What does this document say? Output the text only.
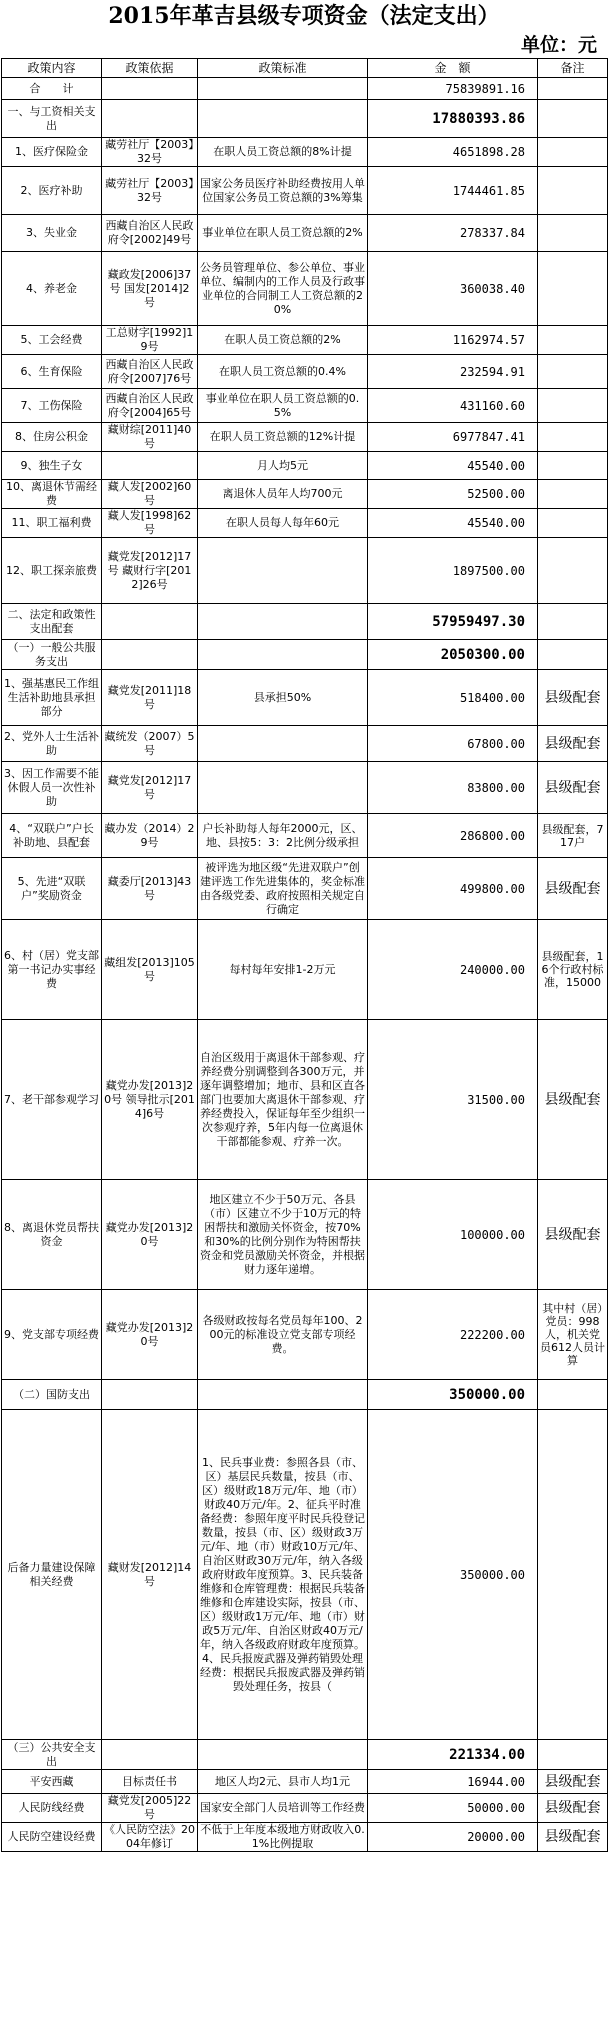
2015年革吉县级专项资金（法定支出）
单位：元
政策内容	政策依据	政策标准	金　额	备注
合　　计			75839891.16	
一、与工资相关支出			17880393.86	
1、医疗保险金	藏劳社厅【2003】32号	在职人员工资总额的8%计提	4651898.28	
2、医疗补助	藏劳社厅【2003】32号	国家公务员医疗补助经费按用人单位国家公务员工资总额的3%筹集	1744461.85	
3、失业金	西藏自治区人民政府令[2002]49号	事业单位在职人员工资总额的2%	278337.84	
4、养老金	藏政发[2006]37号 国发[2014]2号	公务员管理单位、参公单位、事业单位、编制内的工作人员及行政事业单位的合同制工人工资总额的20%	360038.40	
5、工会经费	工总财字[1992]19号	在职人员工资总额的2%	1162974.57	
6、生育保险	西藏自治区人民政府令[2007]76号	在职人员工资总额的0.4%	232594.91	
7、工伤保险	西藏自治区人民政府令[2004]65号	事业单位在职人员工资总额的0.5%	431160.60	
8、住房公积金	藏财综[2011]40号	在职人员工资总额的12%计提	6977847.41	
9、独生子女		月人均5元	45540.00	
10、离退休节需经费	藏人发[2002]60号	离退休人员年人均700元	52500.00	
11、职工福利费	藏人发[1998]62号	在职人员每人每年60元	45540.00	
12、职工探亲旅费	藏党发[2012]17号 藏财行字[2012]26号		1897500.00	
二、法定和政策性支出配套			57959497.30	
（一）一般公共服务支出			2050300.00	
1、强基惠民工作组生活补助地县承担部分	藏党发[2011]18号	县承担50%	518400.00	县级配套
2、党外人士生活补助	藏统发（2007）5号		67800.00	县级配套
3、因工作需要不能休假人员一次性补助	藏党发[2012]17号		83800.00	县级配套
4、“双联户”户长补助地、县配套	藏办发（2014）29号	户长补助每人每年2000元，区、地、县按5：3：2比例分级承担	286800.00	县级配套，717户
5、先进“双联户”奖励资金	藏委厅[2013]43号	被评选为地区级“先进双联户”创建评选工作先进集体的，奖金标准由各级党委、政府按照相关规定自行确定	499800.00	县级配套
6、村（居）党支部第一书记办实事经费	藏组发[2013]105号	每村每年安排1-2万元	240000.00	县级配套，16个行政村标准，15000
7、老干部参观学习	藏党办发[2013]20号 领导批示[2014]6号	自治区级用于离退休干部参观、疗养经费分别调整到各300万元，并逐年调整增加；地市、县和区直各部门也要加大离退休干部参观、疗养经费投入，保证每年至少组织一次参观疗养，5年内每一位离退休干部都能参观、疗养一次。	31500.00	县级配套
8、离退休党员帮扶资金	藏党办发[2013]20号	地区建立不少于50万元、各县（市）区建立不少于10万元的特困帮扶和激励关怀资金，按70%和30%的比例分别作为特困帮扶资金和党员激励关怀资金，并根据财力逐年递增。	100000.00	县级配套
9、党支部专项经费	藏党办发[2013]20号	各级财政按每名党员每年100、200元的标准设立党支部专项经费。	222200.00	其中村（居）党员：998人，机关党员612人员计算
（二）国防支出			350000.00	
后备力量建设保障相关经费	藏财发[2012]14号	1、民兵事业费：参照各县（市、区）基层民兵数量，按县（市、区）级财政18万元/年、地（市）财政40万元/年。2、征兵平时准备经费：参照年度平时民兵役登记数量，按县（市、区）级财政3万元/年、地（市）财政10万元/年、自治区财政30万元/年，纳入各级政府财政年度预算。3、民兵装备维修和仓库管理费：根据民兵装备维修和仓库建设实际，按县（市、区）级财政1万元/年、地（市）财政5万元/年、自治区财政40万元/年，纳入各级政府财政年度预算。4、民兵报废武器及弹药销毁处理经费：根据民兵报废武器及弹药销毁处理任务，按县（	350000.00	
（三）公共安全支出			221334.00	
平安西藏	目标责任书	地区人均2元、县市人均1元	16944.00	县级配套
人民防线经费	藏党发[2005]22号	国家安全部门人员培训等工作经费	50000.00	县级配套
人民防空建设经费	《人民防空法》2004年修订	不低于上年度本级地方财政收入0.1%比例提取	20000.00	县级配套
